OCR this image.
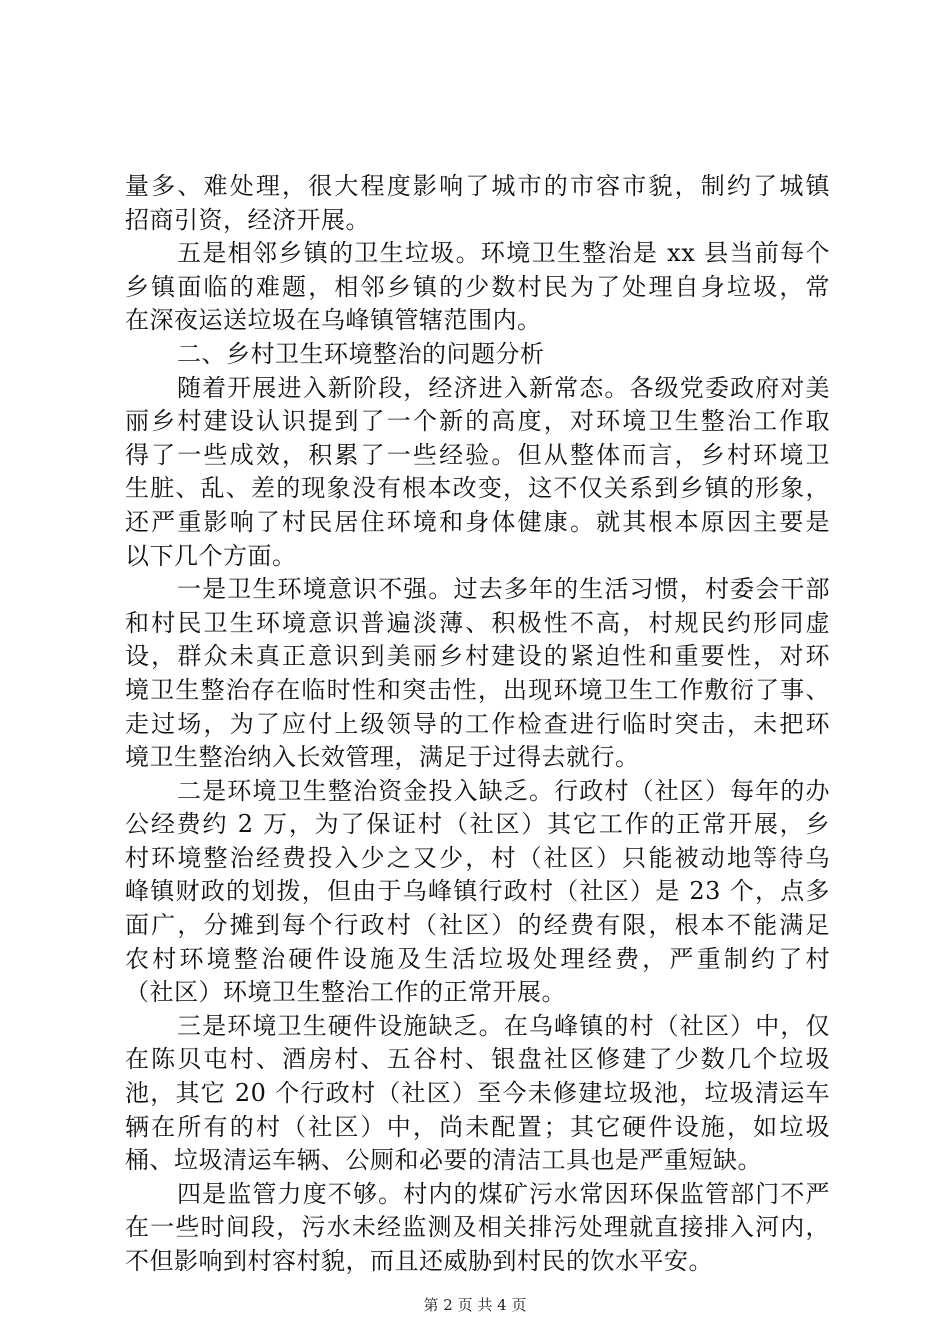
量多、难处理，很大程度影响了城市的市容市貌，制约了城镇
招商引资，经济开展。
五是相邻乡镇的卫生垃圾。环境卫生整治是 xx 县当前每个
乡镇面临的难题，相邻乡镇的少数村民为了处理自身垃圾，常
在深夜运送垃圾在乌峰镇管辖范围内。
二、乡村卫生环境整治的问题分析
随着开展进入新阶段，经济进入新常态。各级党委政府对美
丽乡村建设认识提到了一个新的高度，对环境卫生整治工作取
得了一些成效，积累了一些经验。但从整体而言，乡村环境卫
生脏、乱、差的现象没有根本改变，这不仅关系到乡镇的形象，
还严重影响了村民居住环境和身体健康。就其根本原因主要是
以下几个方面。
一是卫生环境意识不强。过去多年的生活习惯，村委会干部
和村民卫生环境意识普遍淡薄、积极性不高，村规民约形同虚
设，群众未真正意识到美丽乡村建设的紧迫性和重要性，对环
境卫生整治存在临时性和突击性，出现环境卫生工作敷衍了事、
走过场，为了应付上级领导的工作检查进行临时突击，未把环
境卫生整治纳入长效管理，满足于过得去就行。
二是环境卫生整治资金投入缺乏。行政村（社区）每年的办
公经费约 2 万，为了保证村（社区）其它工作的正常开展，乡
村环境整治经费投入少之又少，村（社区）只能被动地等待乌
峰镇财政的划拨，但由于乌峰镇行政村（社区）是 23 个，点多
面广，分摊到每个行政村（社区）的经费有限，根本不能满足
农村环境整治硬件设施及生活垃圾处理经费，严重制约了村
（社区）环境卫生整治工作的正常开展。
三是环境卫生硬件设施缺乏。在乌峰镇的村（社区）中，仅
在陈贝屯村、酒房村、五谷村、银盘社区修建了少数几个垃圾
池，其它 20 个行政村（社区）至今未修建垃圾池，垃圾清运车
辆在所有的村（社区）中，尚未配置；其它硬件设施，如垃圾
桶、垃圾清运车辆、公厕和必要的清洁工具也是严重短缺。
四是监管力度不够。村内的煤矿污水常因环保监管部门不严
在一些时间段，污水未经监测及相关排污处理就直接排入河内，
不但影响到村容村貌，而且还威胁到村民的饮水平安。
第 2 页 共 4 页
